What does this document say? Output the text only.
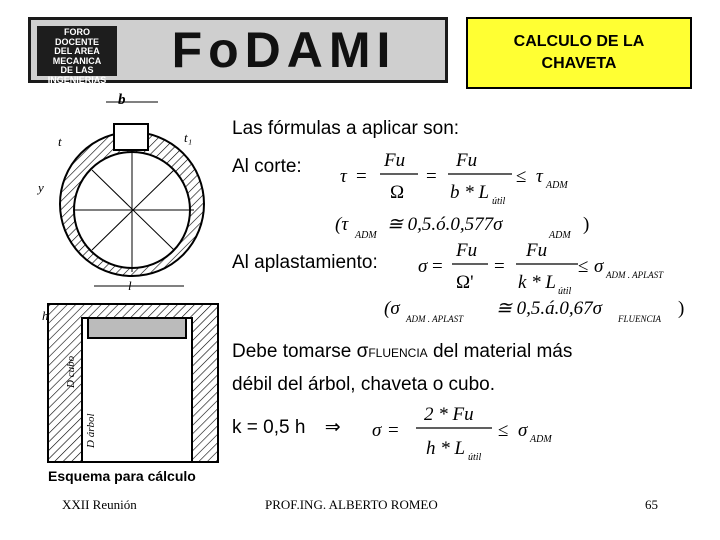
FORO
DOCENTE
DEL AREA
MECANICA
DE LAS
INGENIERIAS
FoDAMI	CALCULO DE LA
CHAVETA
b
t	t₁
y
l
h
D cubo
D árbol
Las fórmulas a aplicar son:
Al corte: τ =
Fu
Ω
=
Fu
b * L útil
≤ τ ADM
(τ
ADM
≅ 0,5.ó.0,577σ
ADM
)
Al aplastamiento: σ =
Fu
Ω'
=
Fu
k * L útil
≤ σ ADM . APLAST
(σ ADM . APLAST ≅ 0,5.á.0,67σ FLUENCIA )
Debe tomarse σFLUENCIA del material más
débil del árbol, chaveta o cubo.
k = 0,5 h ⇒ σ =
2 * Fu
h * L útil
≤ σ ADM
Esquema para cálculo
XXII Reunión	PROF.ING. ALBERTO ROMEO	65
